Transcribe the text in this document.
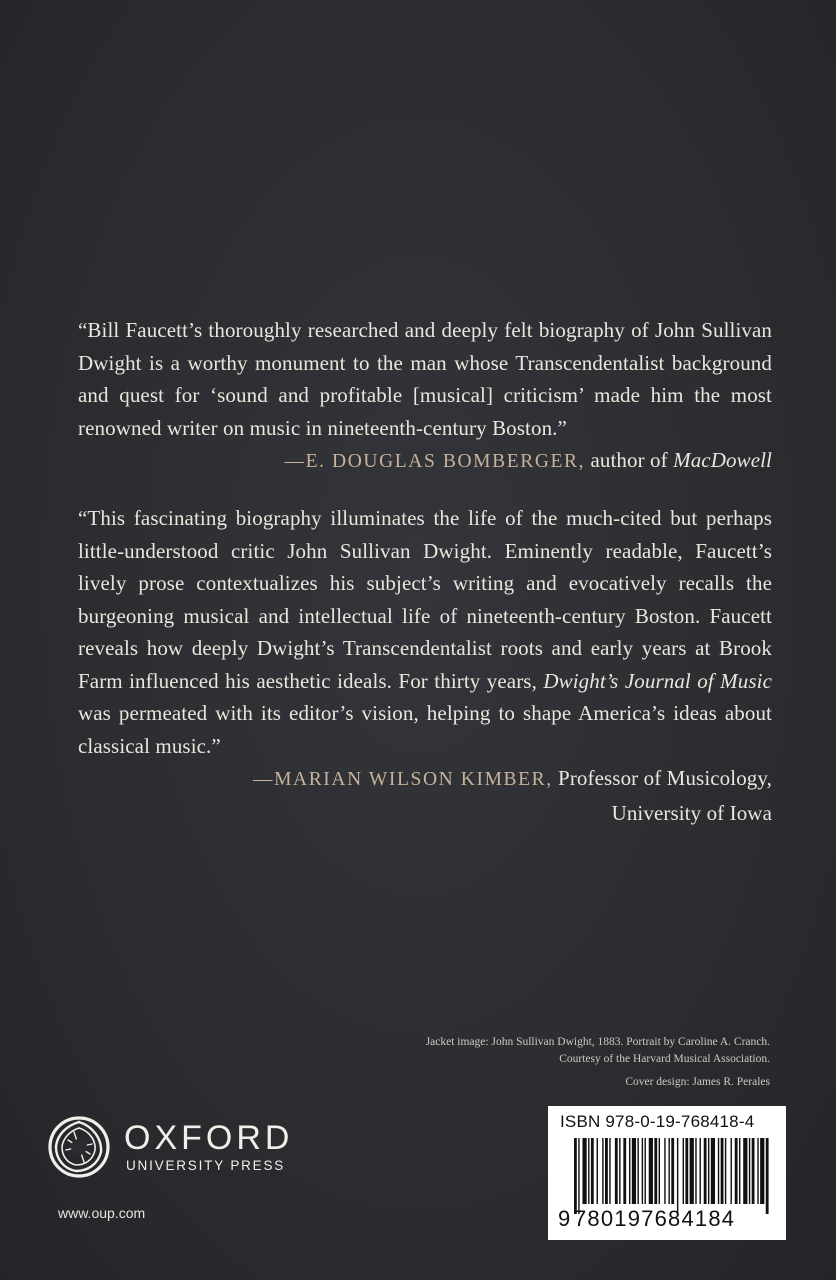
“Bill Faucett’s thoroughly researched and deeply felt biography of John Sullivan Dwight is a worthy monument to the man whose Transcendentalist background and quest for ‘sound and profitable [musical] criticism’ made him the most renowned writer on music in nineteenth-century Boston.”

—E. DOUGLAS BOMBERGER, author of MacDowell

“This fascinating biography illuminates the life of the much-cited but perhaps little-understood critic John Sullivan Dwight. Eminently readable, Faucett’s lively prose contextualizes his subject’s writing and evocatively recalls the burgeoning musical and intellectual life of nineteenth-century Boston. Faucett reveals how deeply Dwight’s Transcendentalist roots and early years at Brook Farm influenced his aesthetic ideals. For thirty years, Dwight’s Journal of Music was permeated with its editor’s vision, helping to shape America’s ideas about classical music.”

—MARIAN WILSON KIMBER, Professor of Musicology,

University of Iowa

Jacket image: John Sullivan Dwight, 1883. Portrait by Caroline A. Cranch.

Courtesy of the Harvard Musical Association.

Cover design: James R. Perales

OXFORD
UNIVERSITY PRESS
www.oup.com
ISBN 978-0-19-768418-4
9 780197684184
